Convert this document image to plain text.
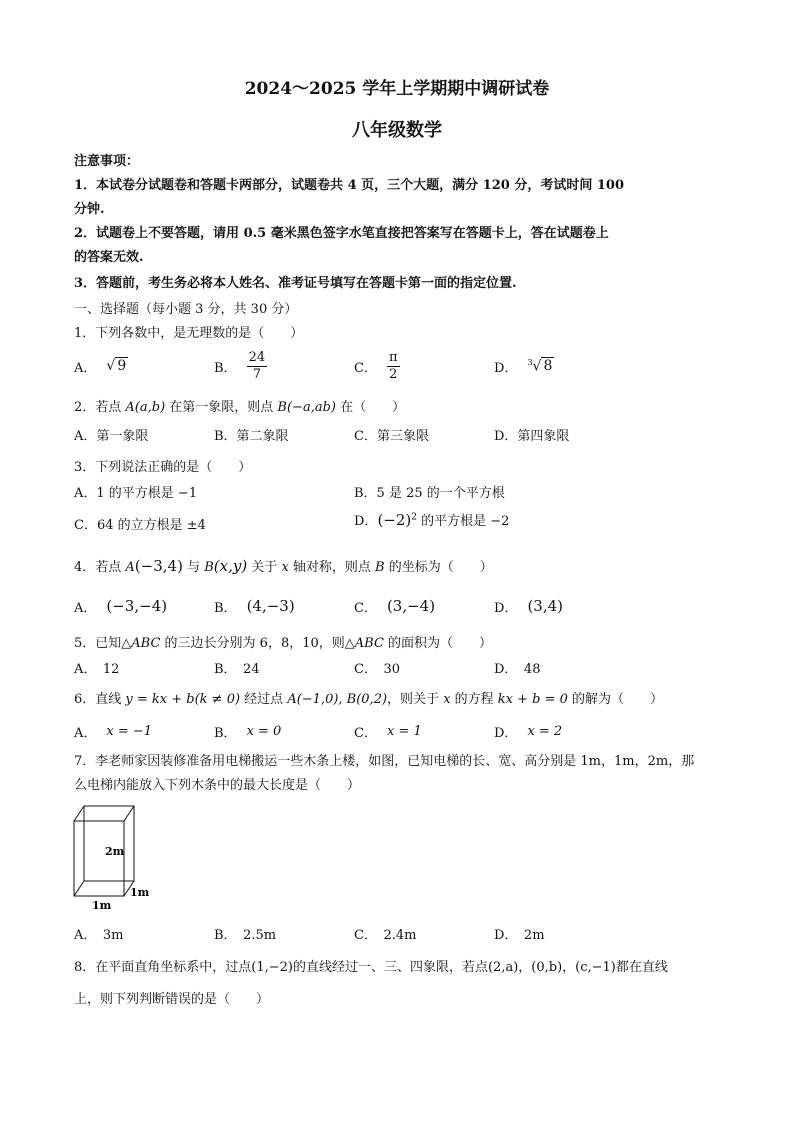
2024～2025 学年上学期期中调研试卷
八年级数学
注意事项：
1．本试卷分试题卷和答题卡两部分，试题卷共 4 页，三个大题，满分 120 分，考试时间 100
分钟.
2．试题卷上不要答题，请用 0.5 毫米黑色签字水笔直接把答案写在答题卡上，答在试题卷上
的答案无效.
3．答题前，考生务必将本人姓名、准考证号填写在答题卡第一面的指定位置.
一、选择题（每小题 3 分，共 30 分）
1．下列各数中，是无理数的是（　　）
A． √ 9	B． $\frac{24}{7}$	C． $\frac{\pi}{2}$	D． $^3$√ 8
2．若点 A(a,b) 在第一象限，则点 B(−a,ab) 在（　　）
A．第一象限	B．第二象限	C．第三象限	D．第四象限
3．下列说法正确的是（　　）
A．1 的平方根是 −1	B．5 是 25 的一个平方根
C．64 的立方根是 ±4	D．$(-2)^2$ 的平方根是 −2
4．若点 A(−3,4) 与 B(x,y) 关于 x 轴对称，则点 B 的坐标为（　　）
A． (−3,−4)	B． (4,−3)	C． (3,−4)	D． (3,4)
5．已知△ABC 的三边长分别为 6，8，10，则△ABC 的面积为（　　）
A．　12	B．　24	C．　30	D．　48
6．直线 y = kx + b(k ≠ 0) 经过点 A(−1,0), B(0,2)，则关于 x 的方程 kx + b = 0 的解为（　　）
A． x = −1	B． x = 0	C． x = 1	D． x = 2
7．李老师家因装修准备用电梯搬运一些木条上楼，如图，已知电梯的长、宽、高分别是 1m，1m，2m，那
么电梯内能放入下列木条中的最大长度是（　　）
2m
1m
1m
A．　3m	B．　2.5m	C．　2.4m	D．　2m
8．在平面直角坐标系中，过点(1,−2)的直线经过一、三、四象限，若点(2,a)，(0,b)，(c,−1)都在直线
上，则下列判断错误的是（　　）
